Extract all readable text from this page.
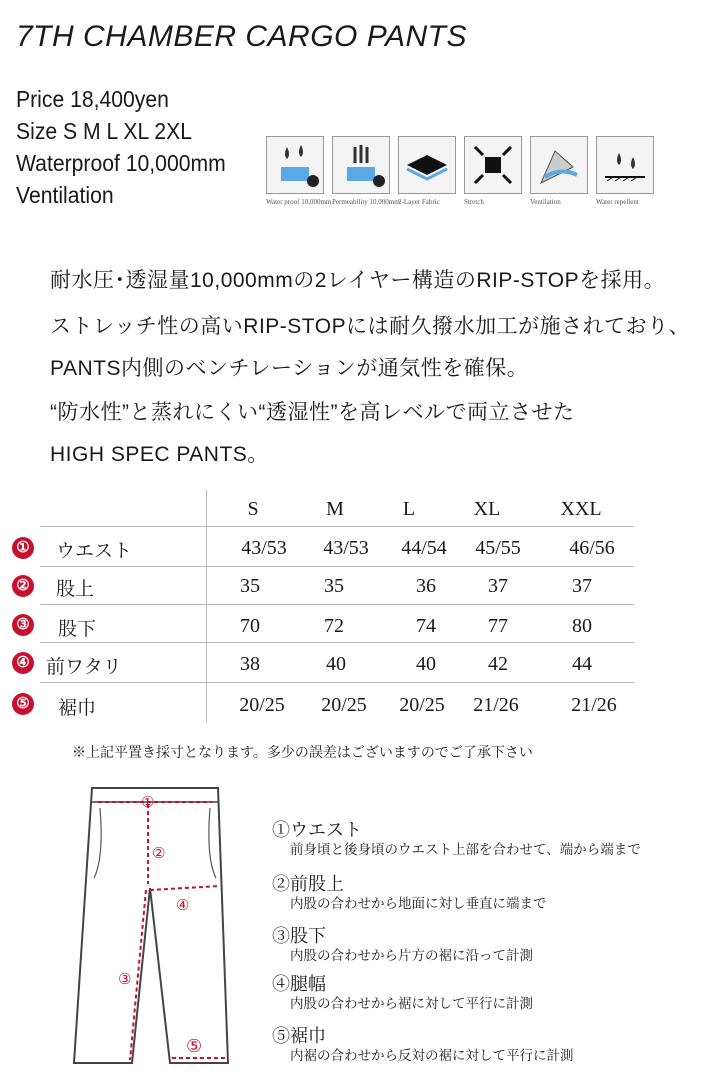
7TH CHAMBER CARGO PANTS
Price 18,400yen
Size S M L XL 2XL
Waterproof 10,000mm
Ventilation	Water proof 10,000mm Permeability 10,000mm
2-Layer Fabric	Stretch	Ventilation	Water repellent
耐水圧･透湿量10,000mmの2レイヤー構造のRIP-STOPを採用。
ストレッチ性の高いRIP-STOPには耐久撥水加工が施されており、
PANTS内側のベンチレーションが通気性を確保。
“防水性”と蒸れにくい“透湿性”を高レベルで両立させた
HIGH SPEC PANTS。
S	M	L	XL	XXL
① ウエスト	43/53	43/53	44/54	45/55	46/56
② 股上	35	35	36	37	37
③ 股下	70	72	74	77	80
④ 前ワタリ	38	40	40	42	44
⑤ 裾巾	20/25	20/25	20/25	21/26	21/26
※上記平置き採寸となります。多少の誤差はございますのでご了承下さい
①
②
③
④
⑤
①ウエスト
前身頃と後身頃のウエスト上部を合わせて、端から端まで
②前股上
内股の合わせから地面に対し垂直に端まで
③股下
内股の合わせから片方の裾に沿って計測
④腿幅
内股の合わせから裾に対して平行に計測
⑤裾巾
内裾の合わせから反対の裾に対して平行に計測
